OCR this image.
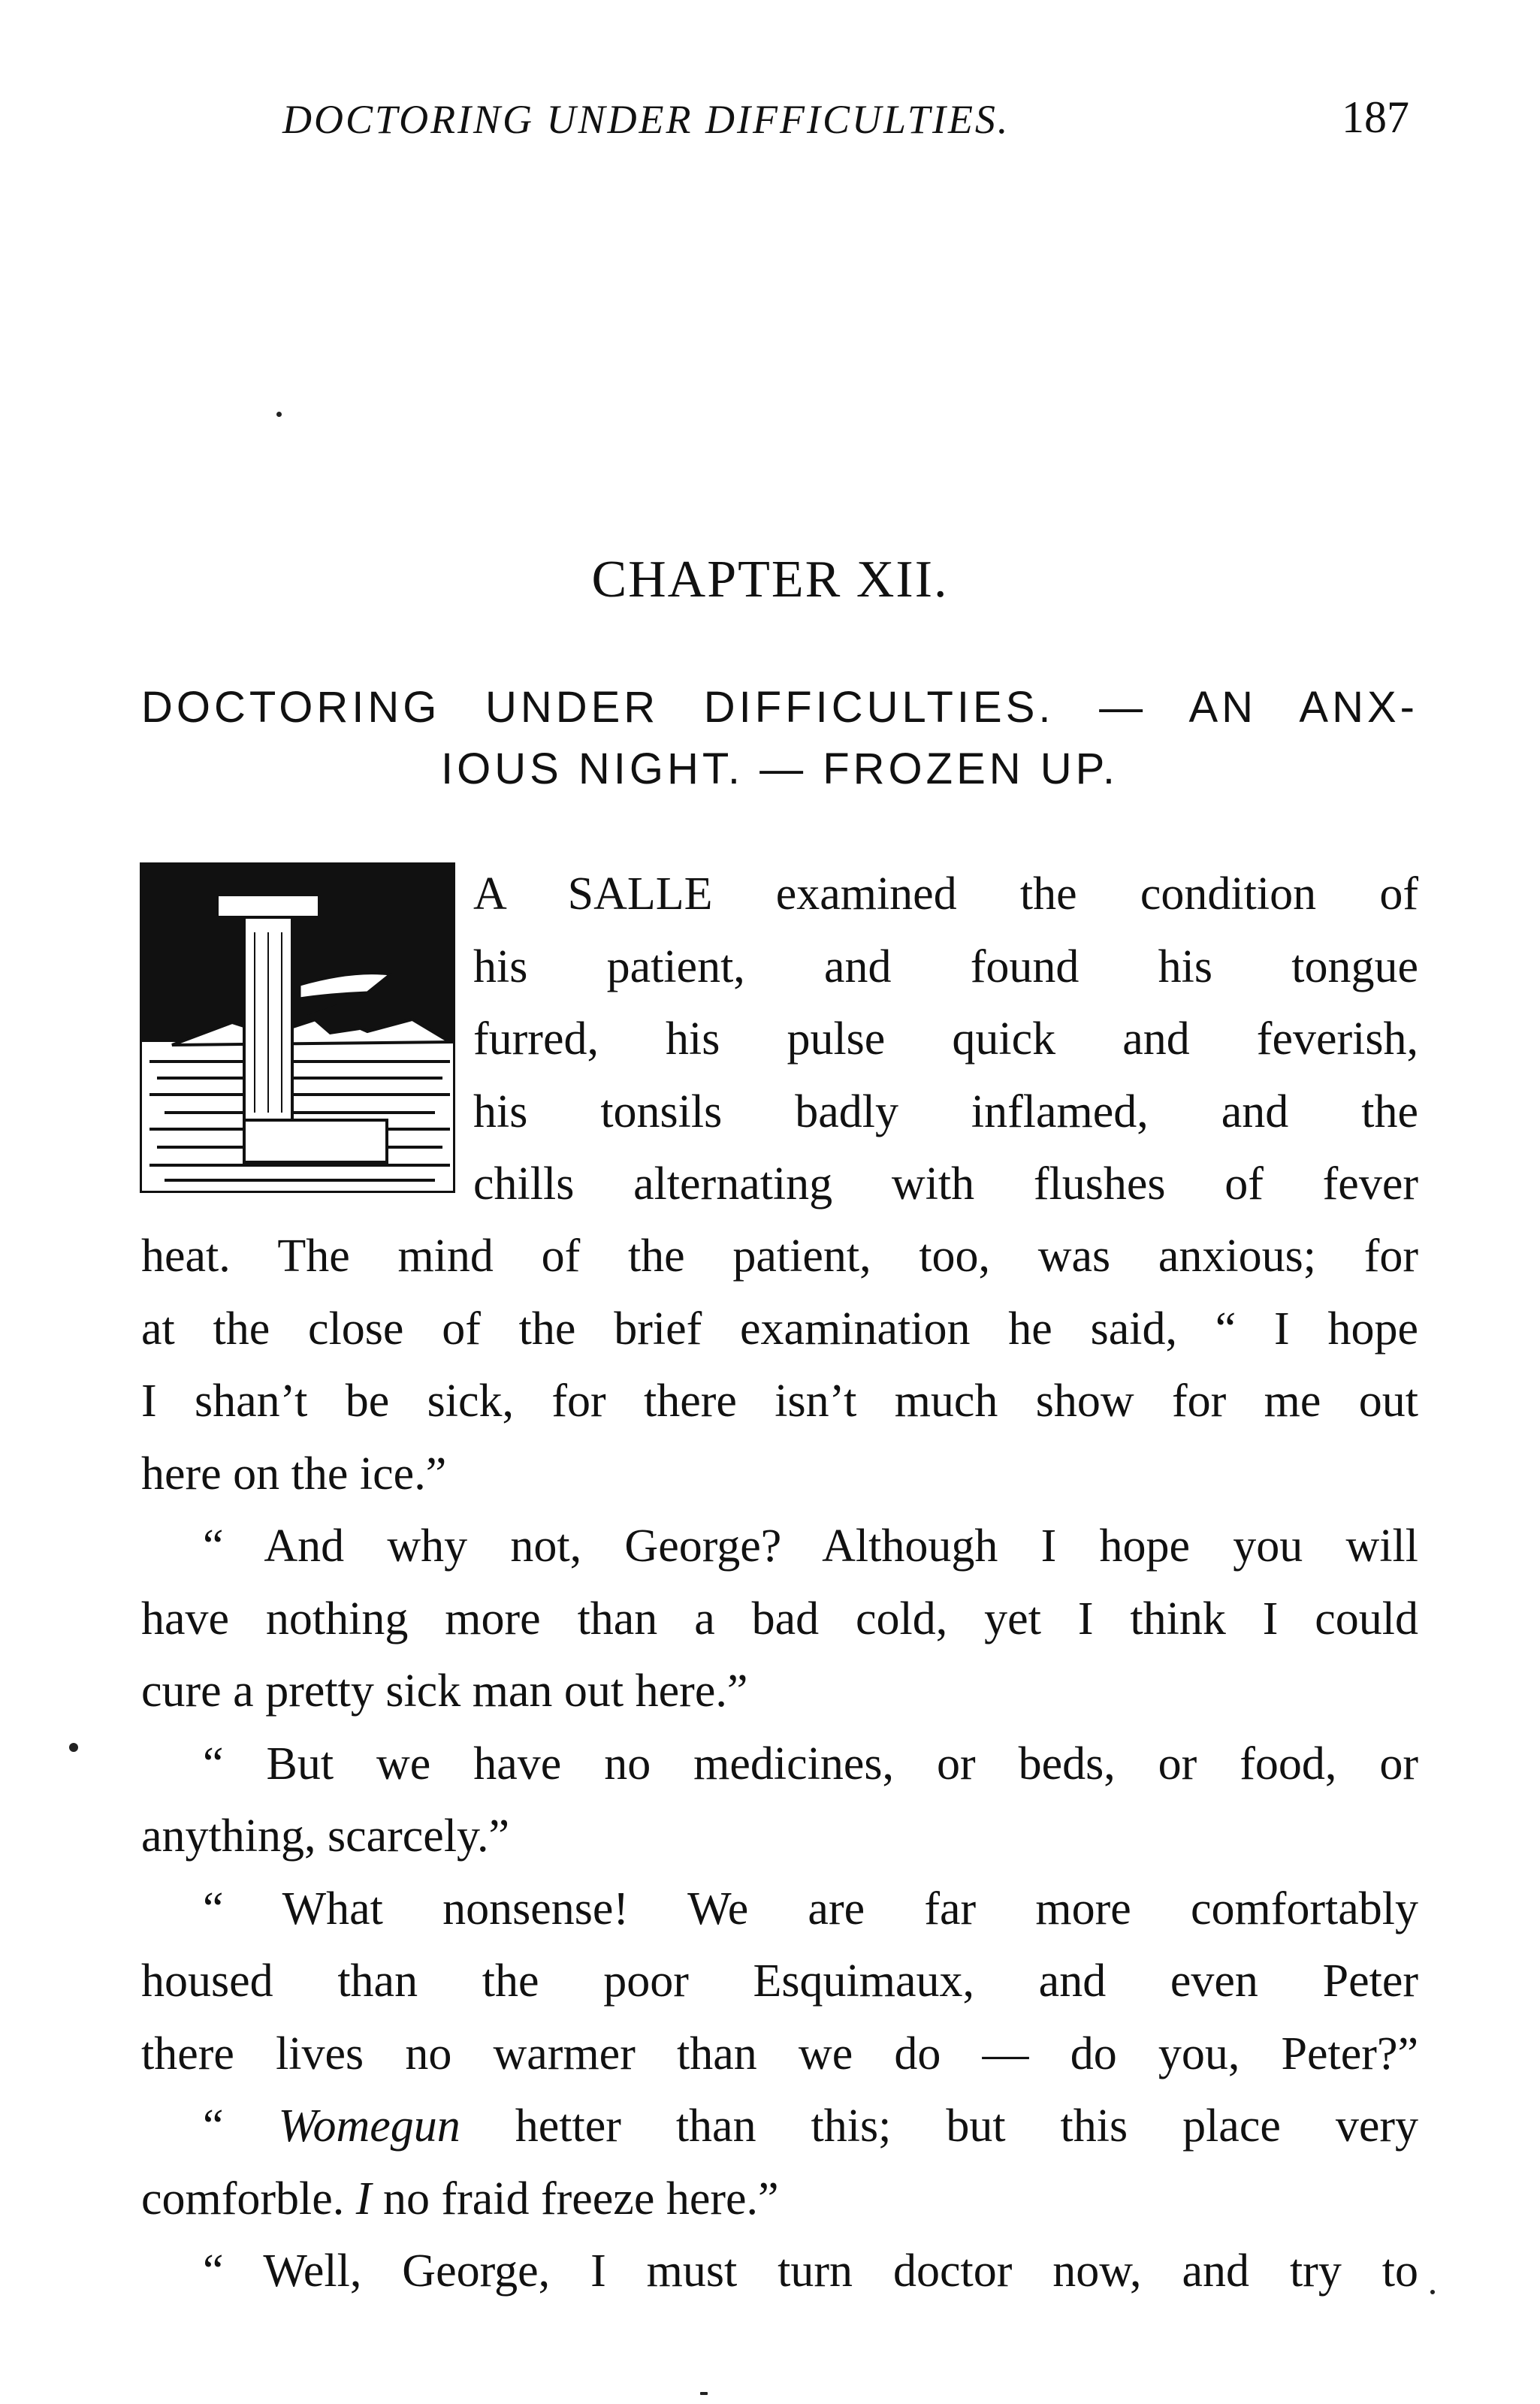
DOCTORING UNDER DIFFICULTIES.	187
CHAPTER XII.
DOCTORING UNDER DIFFICULTIES. — AN ANX-
IOUS NIGHT. — FROZEN UP.
A SALLE examined the condition of
his patient, and found his tongue
furred, his pulse quick and feverish,
his tonsils badly inflamed, and the
chills alternating with flushes of fever
heat. The mind of the patient, too, was anxious; for
at the close of the brief examination he said, “ I hope
I shan’t be sick, for there isn’t much show for me out
here on the ice.”
“ And why not, George? Although I hope you will
have nothing more than a bad cold, yet I think I could
cure a pretty sick man out here.”
“ But we have no medicines, or beds, or food, or
anything, scarcely.”
“ What nonsense! We are far more comfortably
housed than the poor Esquimaux, and even Peter
there lives no warmer than we do — do you, Peter?”
“ Womegun hetter than this; but this place very
comforble. I no fraid freeze here.”
“ Well, George, I must turn doctor now, and try to
